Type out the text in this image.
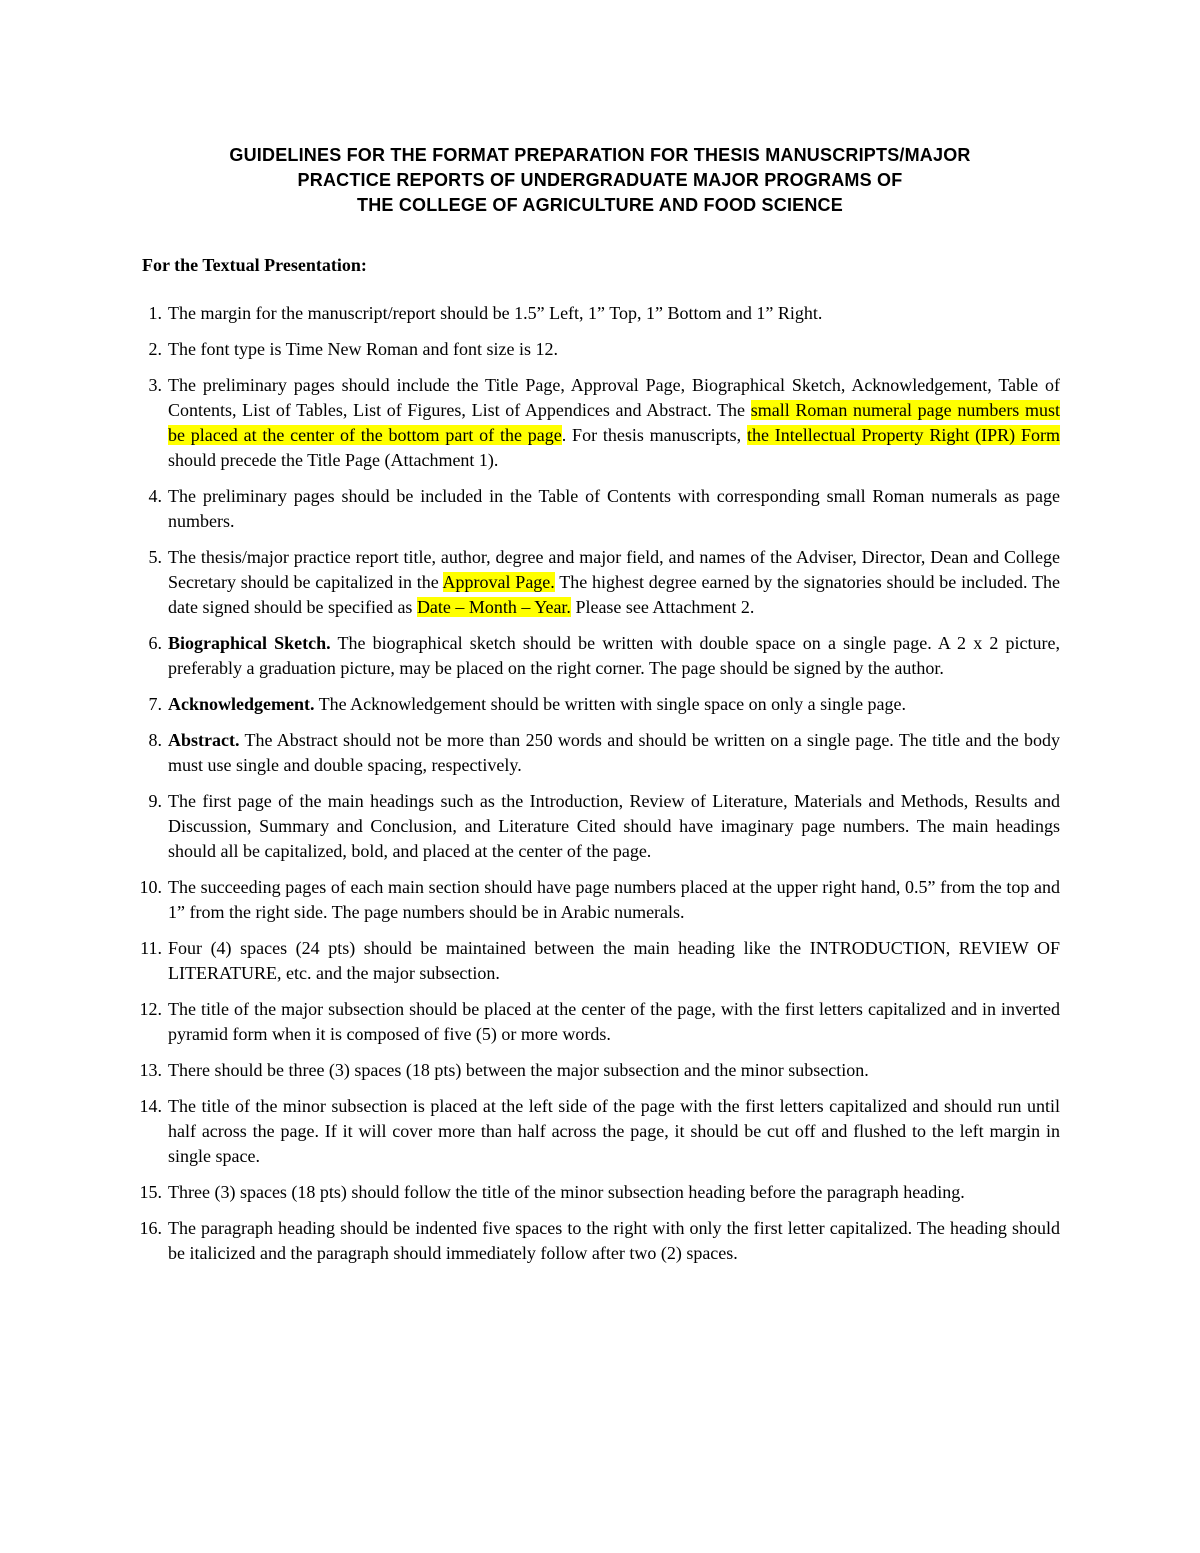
GUIDELINES FOR THE FORMAT PREPARATION FOR THESIS MANUSCRIPTS/MAJOR
PRACTICE REPORTS OF UNDERGRADUATE MAJOR PROGRAMS OF
THE COLLEGE OF AGRICULTURE AND FOOD SCIENCE
For the Textual Presentation:
1. The margin for the manuscript/report should be 1.5” Left, 1” Top, 1” Bottom and 1” Right.
2. The font type is Time New Roman and font size is 12.
3. The preliminary pages should include the Title Page, Approval Page, Biographical Sketch, Acknowledgement, Table of Contents, List of Tables, List of Figures, List of Appendices and Abstract. The small Roman numeral page numbers must be placed at the center of the bottom part of the page. For thesis manuscripts, the Intellectual Property Right (IPR) Form should precede the Title Page (Attachment 1).
4. The preliminary pages should be included in the Table of Contents with corresponding small Roman numerals as page numbers.
5. The thesis/major practice report title, author, degree and major field, and names of the Adviser, Director, Dean and College Secretary should be capitalized in the Approval Page. The highest degree earned by the signatories should be included. The date signed should be specified as Date – Month – Year. Please see Attachment 2.
6. Biographical Sketch. The biographical sketch should be written with double space on a single page. A 2 x 2 picture, preferably a graduation picture, may be placed on the right corner. The page should be signed by the author.
7. Acknowledgement. The Acknowledgement should be written with single space on only a single page.
8. Abstract. The Abstract should not be more than 250 words and should be written on a single page. The title and the body must use single and double spacing, respectively.
9. The first page of the main headings such as the Introduction, Review of Literature, Materials and Methods, Results and Discussion, Summary and Conclusion, and Literature Cited should have imaginary page numbers. The main headings should all be capitalized, bold, and placed at the center of the page.
10. The succeeding pages of each main section should have page numbers placed at the upper right hand, 0.5” from the top and 1” from the right side. The page numbers should be in Arabic numerals.
11. Four (4) spaces (24 pts) should be maintained between the main heading like the INTRODUCTION, REVIEW OF LITERATURE, etc. and the major subsection.
12. The title of the major subsection should be placed at the center of the page, with the first letters capitalized and in inverted pyramid form when it is composed of five (5) or more words.
13. There should be three (3) spaces (18 pts) between the major subsection and the minor subsection.
14. The title of the minor subsection is placed at the left side of the page with the first letters capitalized and should run until half across the page. If it will cover more than half across the page, it should be cut off and flushed to the left margin in single space.
15. Three (3) spaces (18 pts) should follow the title of the minor subsection heading before the paragraph heading.
16. The paragraph heading should be indented five spaces to the right with only the first letter capitalized. The heading should be italicized and the paragraph should immediately follow after two (2) spaces.
